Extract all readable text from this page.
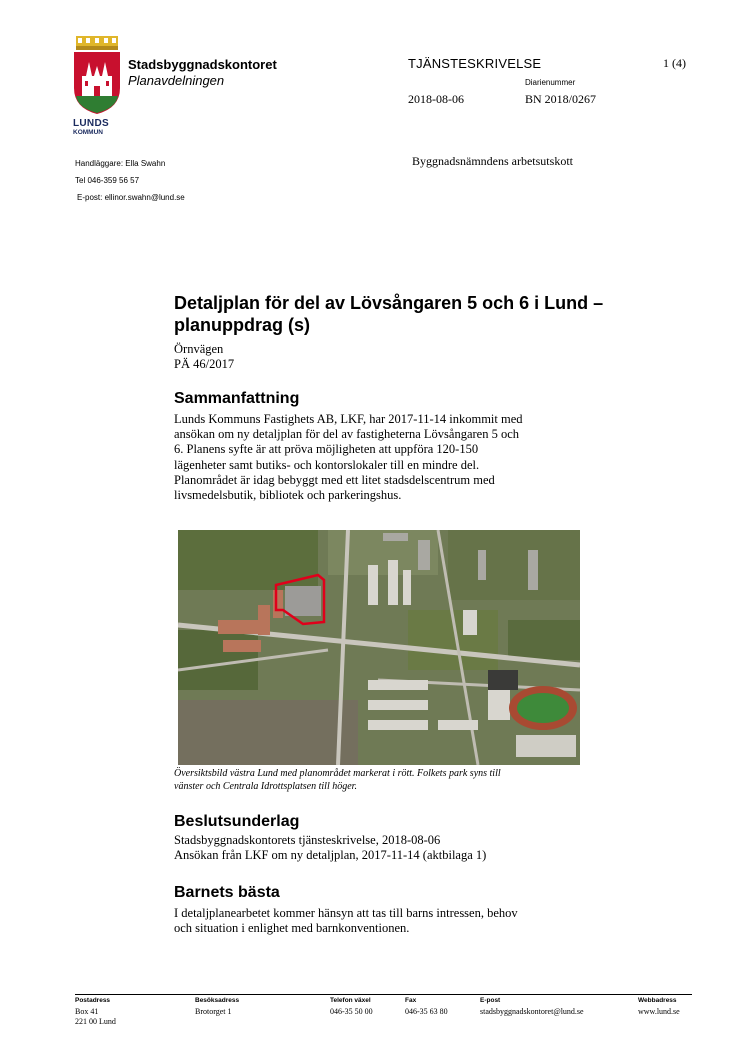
LUNDS
KOMMUN
Stadsbyggnadskontoret
Planavdelningen
TJÄNSTESKRIVELSE	1 (4)
Diarienummer
2018-08-06	BN 2018/0267
Handläggare: Ella Swahn
Tel 046-359 56 57
E-post: ellinor.swahn@lund.se
Byggnadsnämndens arbetsutskott
Detaljplan för del av Lövsångaren 5 och 6 i Lund –
planuppdrag (s)
Örnvägen
PÄ 46/2017
Sammanfattning
Lunds Kommuns Fastighets AB, LKF, har 2017-11-14 inkommit med
ansökan om ny detaljplan för del av fastigheterna Lövsångaren 5 och
6. Planens syfte är att pröva möjligheten att uppföra 120-150
lägenheter samt butiks- och kontorslokaler till en mindre del.
Planområdet är idag bebyggt med ett litet stadsdelscentrum med
livsmedelsbutik, bibliotek och parkeringshus.
Översiktsbild västra Lund med planområdet markerat i rött. Folkets park syns till
vänster och Centrala Idrottsplatsen till höger.
Beslutsunderlag
Stadsbyggnadskontorets tjänsteskrivelse, 2018-08-06
Ansökan från LKF om ny detaljplan, 2017-11-14 (aktbilaga 1)
Barnets bästa
I detaljplanearbetet kommer hänsyn att tas till barns intressen, behov
och situation i enlighet med barnkonventionen.
Postadress
Box 41
221 00 Lund
Besöksadress
Brotorget 1
Telefon växel
046-35 50 00
Fax
046-35 63 80
E-post
stadsbyggnadskontoret@lund.se
Webbadress
www.lund.se
